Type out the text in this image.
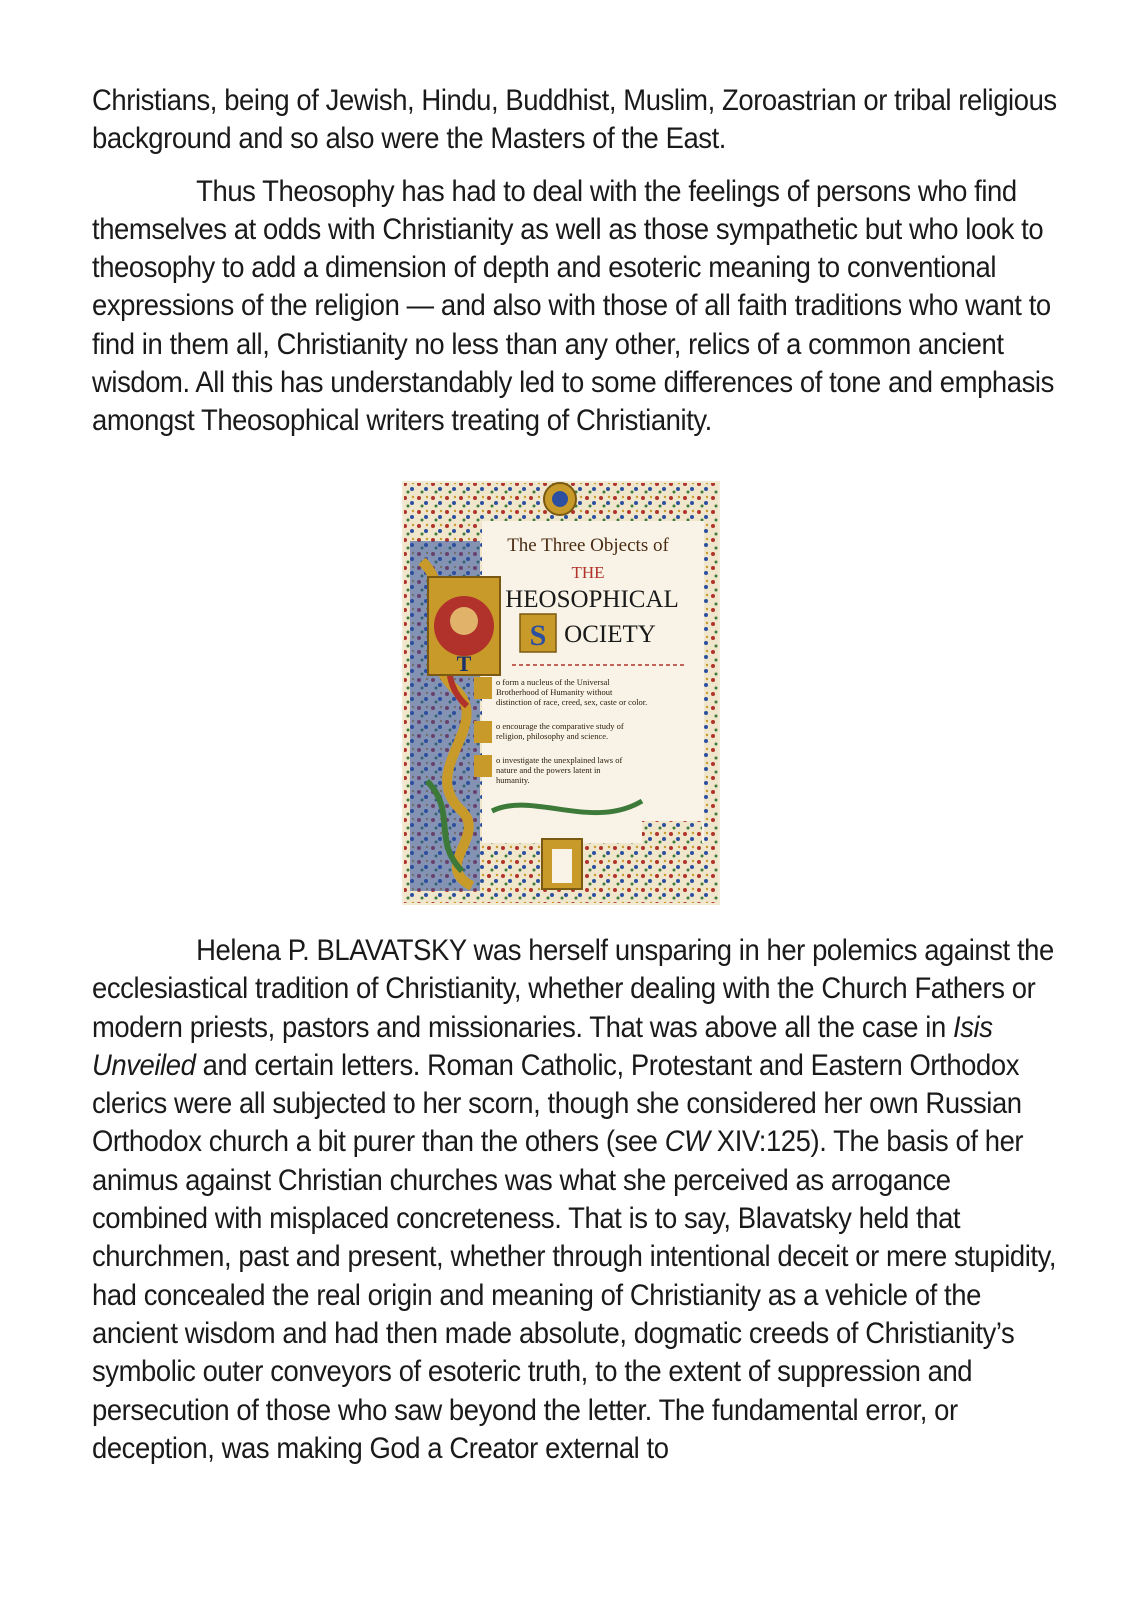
Christians, being of Jewish, Hindu, Buddhist, Muslim, Zoroastrian or tribal religious background and so also were the Masters of the East.

Thus Theosophy has had to deal with the feelings of persons who find themselves at odds with Christianity as well as those sympathetic but who look to theosophy to add a dimension of depth and esoteric meaning to conventional expressions of the religion — and also with those of all faith traditions who want to find in them all, Christianity no less than any other, relics of a common ancient wisdom. All this has understandably led to some differences of tone and emphasis amongst Theosophical writers treating of Christianity.

T
The Three Objects of
THE
HEOSOPHICAL
S OCIETY
o form a nucleus of the Universal Brotherhood of Humanity without distinction of race, creed, sex, caste or color.
o encourage the comparative study of religion, philosophy and science.
o investigate the unexplained laws of nature and the powers latent in humanity.

Helena P. BLAVATSKY was herself unsparing in her polemics against the ecclesiastical tradition of Christianity, whether dealing with the Church Fathers or modern priests, pastors and missionaries. That was above all the case in Isis Unveiled and certain letters. Roman Catholic, Protestant and Eastern Orthodox clerics were all subjected to her scorn, though she considered her own Russian Orthodox church a bit purer than the others (see CW XIV:125). The basis of her animus against Christian churches was what she perceived as arrogance combined with misplaced concreteness. That is to say, Blavatsky held that churchmen, past and present, whether through intentional deceit or mere stupidity, had concealed the real origin and meaning of Christianity as a vehicle of the ancient wisdom and had then made absolute, dogmatic creeds of Christianity’s symbolic outer conveyors of esoteric truth, to the extent of suppression and persecution of those who saw beyond the letter. The fundamental error, or deception, was making God a Creator external to
